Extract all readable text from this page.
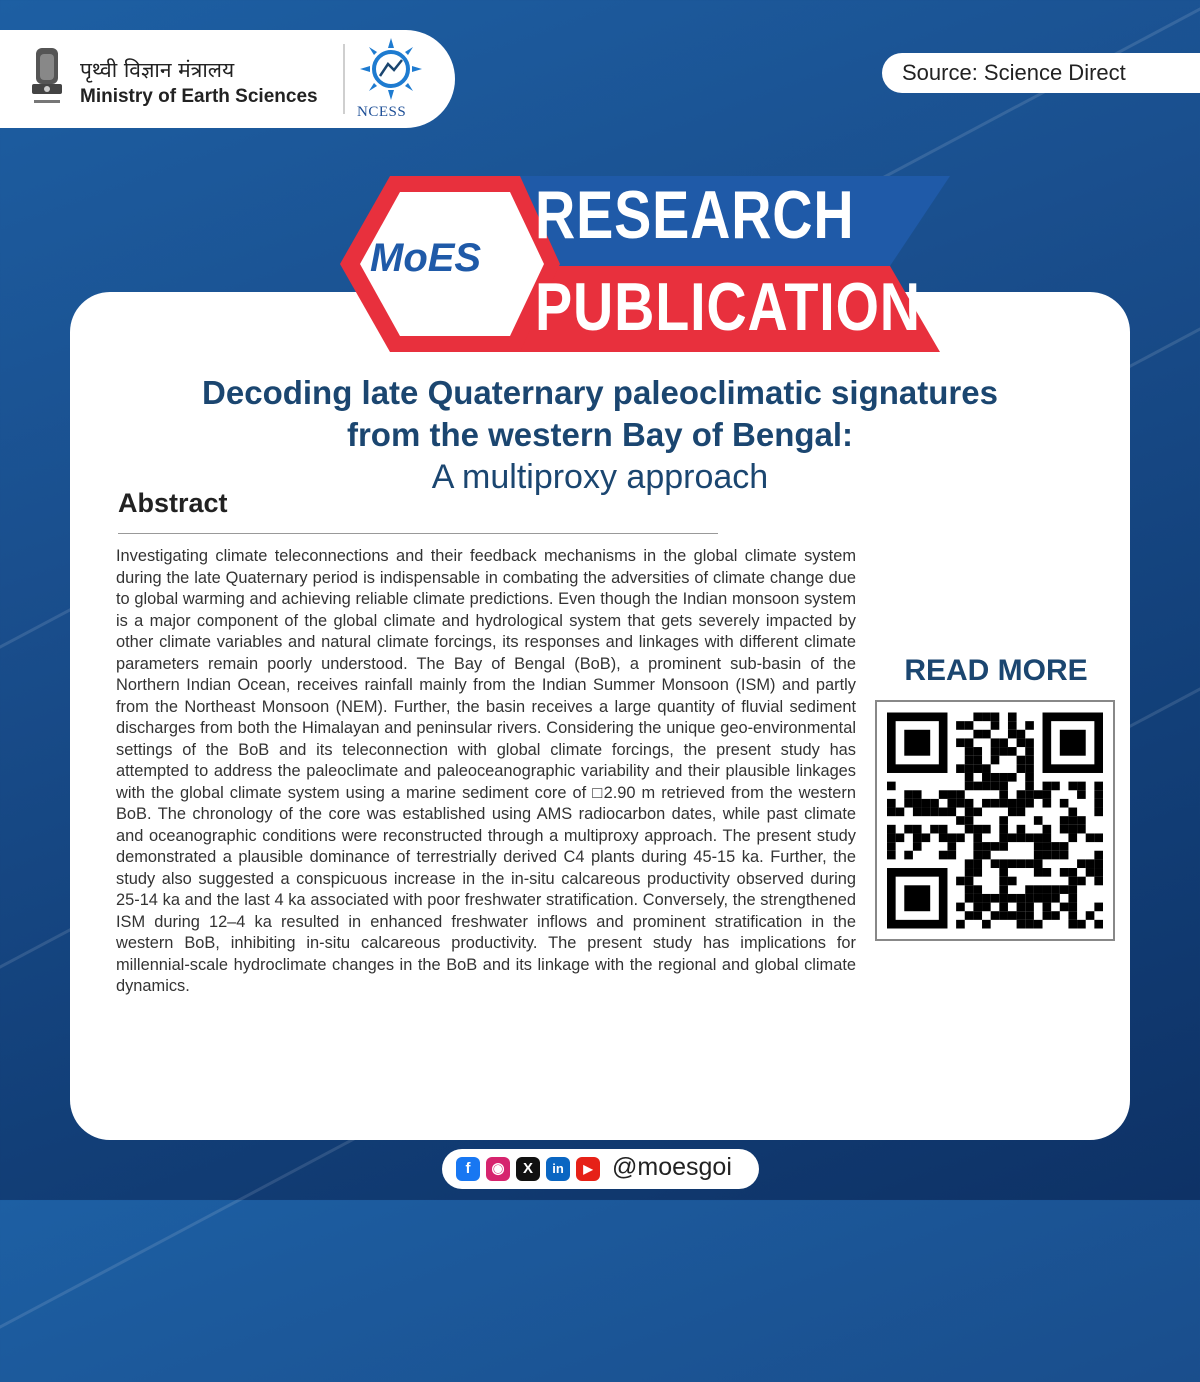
पृथ्वी विज्ञान मंत्रालय
Ministry of Earth Sciences
NCESS
Source: Science Direct
MoES
RESEARCH
PUBLICATION
Decoding late Quaternary paleoclimatic signatures from the western Bay of Bengal:
A multiproxy approach
Abstract
Investigating climate teleconnections and their feedback mechanisms in the global climate system during the late Quaternary period is indispensable in combating the adversities of climate change due to global warming and achieving reliable climate predictions. Even though the Indian monsoon system is a major component of the global climate and hydrological system that gets severely impacted by other climate variables and natural climate forcings, its responses and linkages with different climate parameters remain poorly understood. The Bay of Bengal (BoB), a prominent sub-basin of the Northern Indian Ocean, receives rainfall mainly from the Indian Summer Monsoon (ISM) and partly from the Northeast Monsoon (NEM). Further, the basin receives a large quantity of fluvial sediment discharges from both the Himalayan and peninsular rivers. Considering the unique geo-environmental settings of the BoB and its teleconnection with global climate forcings, the present study has attempted to address the paleoclimate and paleoceanographic variability and their plausible linkages with the global climate system using a marine sediment core of □2.90 m retrieved from the western BoB. The chronology of the core was established using AMS radiocarbon dates, while past climate and oceanographic conditions were reconstructed through a multiproxy approach. The present study demonstrated a plausible dominance of terrestrially derived C4 plants during 45-15 ka. Further, the study also suggested a conspicuous increase in the in-situ calcareous productivity observed during 25-14 ka and the last 4 ka associated with poor freshwater stratification. Conversely, the strengthened ISM during 12–4 ka resulted in enhanced freshwater inflows and prominent stratification in the western BoB, inhibiting in-situ calcareous productivity. The present study has implications for millennial-scale hydroclimate changes in the BoB and its linkage with the regional and global climate dynamics.
READ MORE
f	◉	X	in	▶ @moesgoi
